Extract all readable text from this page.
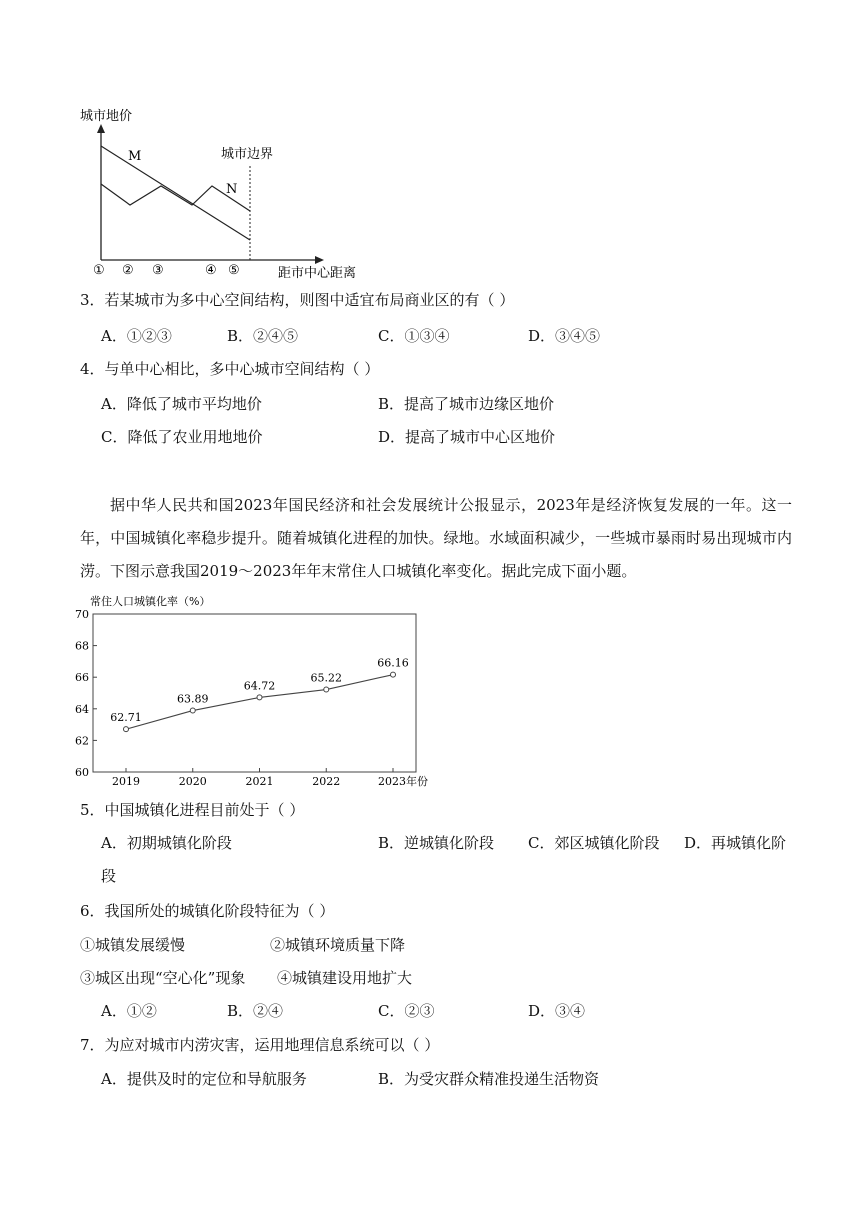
城市地价
城市边界
M
N
① ② ③	④ ⑤	距市中心距离
3．若某城市为多中心空间结构，则图中适宜布局商业区的有（ ）
A．①②③	B．②④⑤	C．①③④	D．③④⑤
4．与单中心相比，多中心城市空间结构（ ）
A．降低了城市平均地价	B．提高了城市边缘区地价
C．降低了农业用地地价	D．提高了城市中心区地价
据中华人民共和国2023年国民经济和社会发展统计公报显示，2023年是经济恢复发展的一年。这一年，中国城镇化率稳步提升。随着城镇化进程的加快。绿地。水域面积减少，一些城市暴雨时易出现城市内涝。下图示意我国2019～2023年年末常住人口城镇化率变化。据此完成下面小题。
常住人口城镇化率（%）
60
62
64
66
68
70
2019	2020	2021	2022	2023年份
62.71
63.89
64.72
65.22
66.16
5．中国城镇化进程目前处于（ ）
A．初期城镇化阶段	B．逆城镇化阶段 C．郊区城镇化阶段 D．再城镇化阶
段
6．我国所处的城镇化阶段特征为（ ）
①城镇发展缓慢	②城镇环境质量下降
③城区出现“空心化”现象 ④城镇建设用地扩大
A．①②	B．②④	C．②③	D．③④
7．为应对城市内涝灾害，运用地理信息系统可以（ ）
A．提供及时的定位和导航服务	B．为受灾群众精准投递生活物资
